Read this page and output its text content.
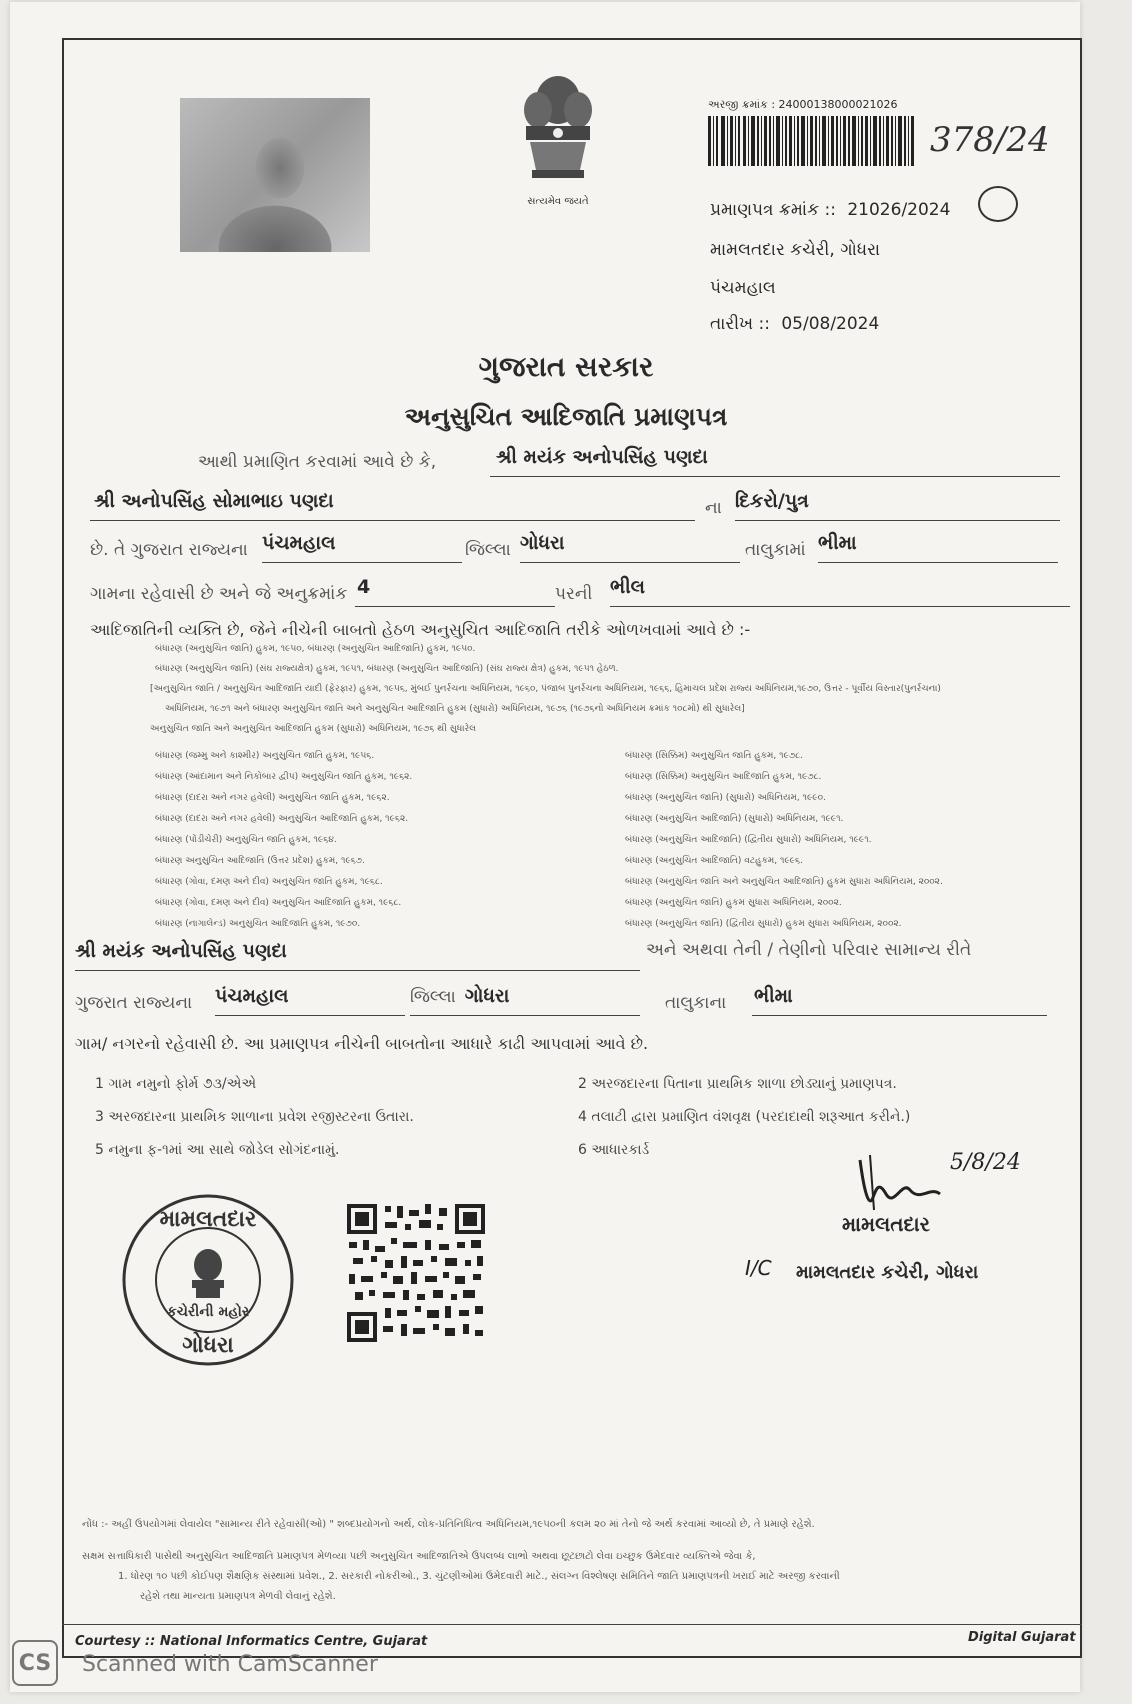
સત્યમેવ જયતે
અરજી ક્રમાંક : 24000138000021026
378/24
પ્રમાણપત્ર ક્રમાંક :: 21026/2024
મામલતદાર કચેરી, ગોધરા
પંચમહાલ
તારીખ :: 05/08/2024
ગુજરાત સરકાર
અનુસુચિત આદિજાતિ પ્રમાણપત્ર
આથી પ્રમાણિત કરવામાં આવે છે કે,	શ્રી મયંક અનોપસિંહ પણદા
શ્રી અનોપસિંહ સોમાભાઇ પણદા	ના દિકરો/પુત્ર
છે. તે ગુજરાત રાજ્યના પંચમહાલ	જિલ્લા ગોધરા	તાલુકામાં ભીમા
ગામના રહેવાસી છે અને જે અનુક્રમાંક 4	પરની ભીલ
આદિજાતિની વ્યક્તિ છે, જેને નીચેની બાબતો હેઠળ અનુસુચિત આદિજાતિ તરીકે ઓળખવામાં આવે છે :-
બંધારણ (અનુસુચિત જાતિ) હુકમ, ૧૯૫૦, બંધારણ (અનુસુચિત આદિજાતિ) હુકમ, ૧૯૫૦.
બંધારણ (અનુસુચિત જાતિ) (સંઘ રાજ્યક્ષેત્ર) હુકમ, ૧૯૫૧, બંધારણ (અનુસુચિત આદિજાતિ) (સંઘ રાજ્ય ક્ષેત્ર) હુકમ, ૧૯૫૧ હેઠળ.
[અનુસુચિત જાતિ / અનુસુચિત આદિજાતિ યાદી (ફેરફાર) હુકમ, ૧૯૫૬, મુંબઈ પુનર્રચના અધિનિયમ, ૧૯૬૦, પંજાબ પુનર્રચના અધિનિયમ, ૧૯૬૬, હિમાચલ પ્રદેશ રાજ્ય અધિનિયમ,૧૯૭૦, ઉત્તર - પૂર્વીય વિસ્તાર(પુનર્રચના)
અધિનિયમ, ૧૯૭૧ અને બંધારણ અનુસુચિત જાતિ અને અનુસુચિત આદિજાતિ હુકમ (સુધારો) અધિનિયમ, ૧૯૭૬ (૧૯૭૬નો અધિનિયમ ક્રમાંક ૧૦૮મો) થી સુધારેલ]
અનુસુચિત જાતિ અને અનુસુચિત આદિજાતિ હુકમ (સુધારો) અધિનિયમ, ૧૯૭૬ થી સુધારેલ
બંધારણ (જમ્મુ અને કાશ્મીર) અનુસુચિત જાતિ હુકમ, ૧૯૫૬.
બંધારણ (આંદામાન અને નિકોબાર દ્વીપ) અનુસુચિત જાતિ હુકમ, ૧૯૬૨.
બંધારણ (દાદરા અને નગર હવેલી) અનુસુચિત જાતિ હુકમ, ૧૯૬૨.
બંધારણ (દાદરા અને નગર હવેલી) અનુસુચિત આદિજાતિ હુકમ, ૧૯૬૨.
બંધારણ (પોંડીચેરી) અનુસુચિત જાતિ હુકમ, ૧૯૬૪.
બંધારણ અનુસુચિત આદિજાતિ (ઉત્તર પ્રદેશ) હુકમ, ૧૯૬૭.
બંધારણ (ગોવા, દમણ અને દીવ) અનુસુચિત જાતિ હુકમ, ૧૯૬૮.
બંધારણ (ગોવા, દમણ અને દીવ) અનુસુચિત આદિજાતિ હુકમ, ૧૯૬૮.
બંધારણ (નાગાલેન્ડ) અનુસુચિત આદિજાતિ હુકમ, ૧૯૭૦.
બંધારણ (સિક્કિમ) અનુસુચિત જાતિ હુકમ, ૧૯૭૮.
બંધારણ (સિક્કિમ) અનુસુચિત આદિજાતિ હુકમ, ૧૯૭૮.
બંધારણ (અનુસુચિત જાતિ) (સુધારો) અધિનિયમ, ૧૯૯૦.
બંધારણ (અનુસુચિત આદિજાતિ) (સુધારો) અધિનિયમ, ૧૯૯૧.
બંધારણ (અનુસુચિત આદિજાતિ) (દ્વિતીય સુધારો) અધિનિયમ, ૧૯૯૧.
બંધારણ (અનુસુચિત આદિજાતિ) વટહુકમ, ૧૯૯૬.
બંધારણ (અનુસુચિત જાતિ અને અનુસુચિત આદિજાતિ) હુકમ સુધારા અધિનિયમ, ૨૦૦૨.
બંધારણ (અનુસુચિત જાતિ) હુકમ સુધારા અધિનિયમ, ૨૦૦૨.
બંધારણ (અનુસુચિત જાતિ) (દ્વિતીય સુધારો) હુકમ સુધારા અધિનિયમ, ૨૦૦૨.
શ્રી મયંક અનોપસિંહ પણદા	અને અથવા તેની / તેણીનો પરિવાર સામાન્ય રીતે
ગુજરાત રાજ્યના પંચમહાલ	જિલ્લા ગોધરા	તાલુકાના ભીમા
ગામ/ નગરનો રહેવાસી છે. આ પ્રમાણપત્ર નીચેની બાબતોના આધારે કાઢી આપવામાં આવે છે.
1 ગામ નમુનો ફોર્મ ૭૩/એએ	2 અરજદારના પિતાના પ્રાથમિક શાળા છોડ્યાનું પ્રમાણપત્ર.
3 અરજદારના પ્રાથમિક શાળાના પ્રવેશ રજીસ્ટરના ઉતારા.	4 તલાટી દ્વારા પ્રમાણિત વંશવૃક્ષ (પરદાદાથી શરૂઆત કરીને.)
5 નમુના ફ-૧માં આ સાથે જોડેલ સોગંદનામું.	6 આધારકાર્ડ
મામલતદાર
કચેરીની મહોર
ગોધરા
5/8/24
મામલતદાર
I/C મામલતદાર કચેરી, ગોધરા
નોંધ :- અહીં ઉપયોગમાં લેવાયેલ "સામાન્ય રીતે રહેવાસી(ઓ) " શબ્દપ્રયોગનો અર્થ, લોક-પ્રતિનિધિત્વ અધિનિયમ,૧૯૫૦ની કલમ ૨૦ માં તેનો જે અર્થ કરવામાં આવ્યો છે, તે પ્રમાણે રહેશે.
સક્ષમ સત્તાધિકારી પાસેથી અનુસુચિત આદિજાતિ પ્રમાણપત્ર મેળવ્યા પછી અનુસુચિત આદિજાતિએ ઉપલબ્ધ લાભો અથવા છૂટછાટો લેવા ઇચ્છુક ઉમેદવાર વ્યક્તિએ જેવા કે,
1. ધોરણ ૧૦ પછી કોઈપણ શૈક્ષણિક સંસ્થામાં પ્રવેશ., 2. સરકારી નોકરીઓ., 3. ચુંટણીઓમાં ઉમેદવારી માટે., સંલગ્ન વિશ્લેષણ સમિતિને જાતિ પ્રમાણપત્રની ખરાઈ માટે અરજી કરવાની
રહેશે તથા માન્યતા પ્રમાણપત્ર મેળવી લેવાનું રહેશે.
Courtesy :: National Informatics Centre, Gujarat	Digital Gujarat
CS	Scanned with CamScanner
